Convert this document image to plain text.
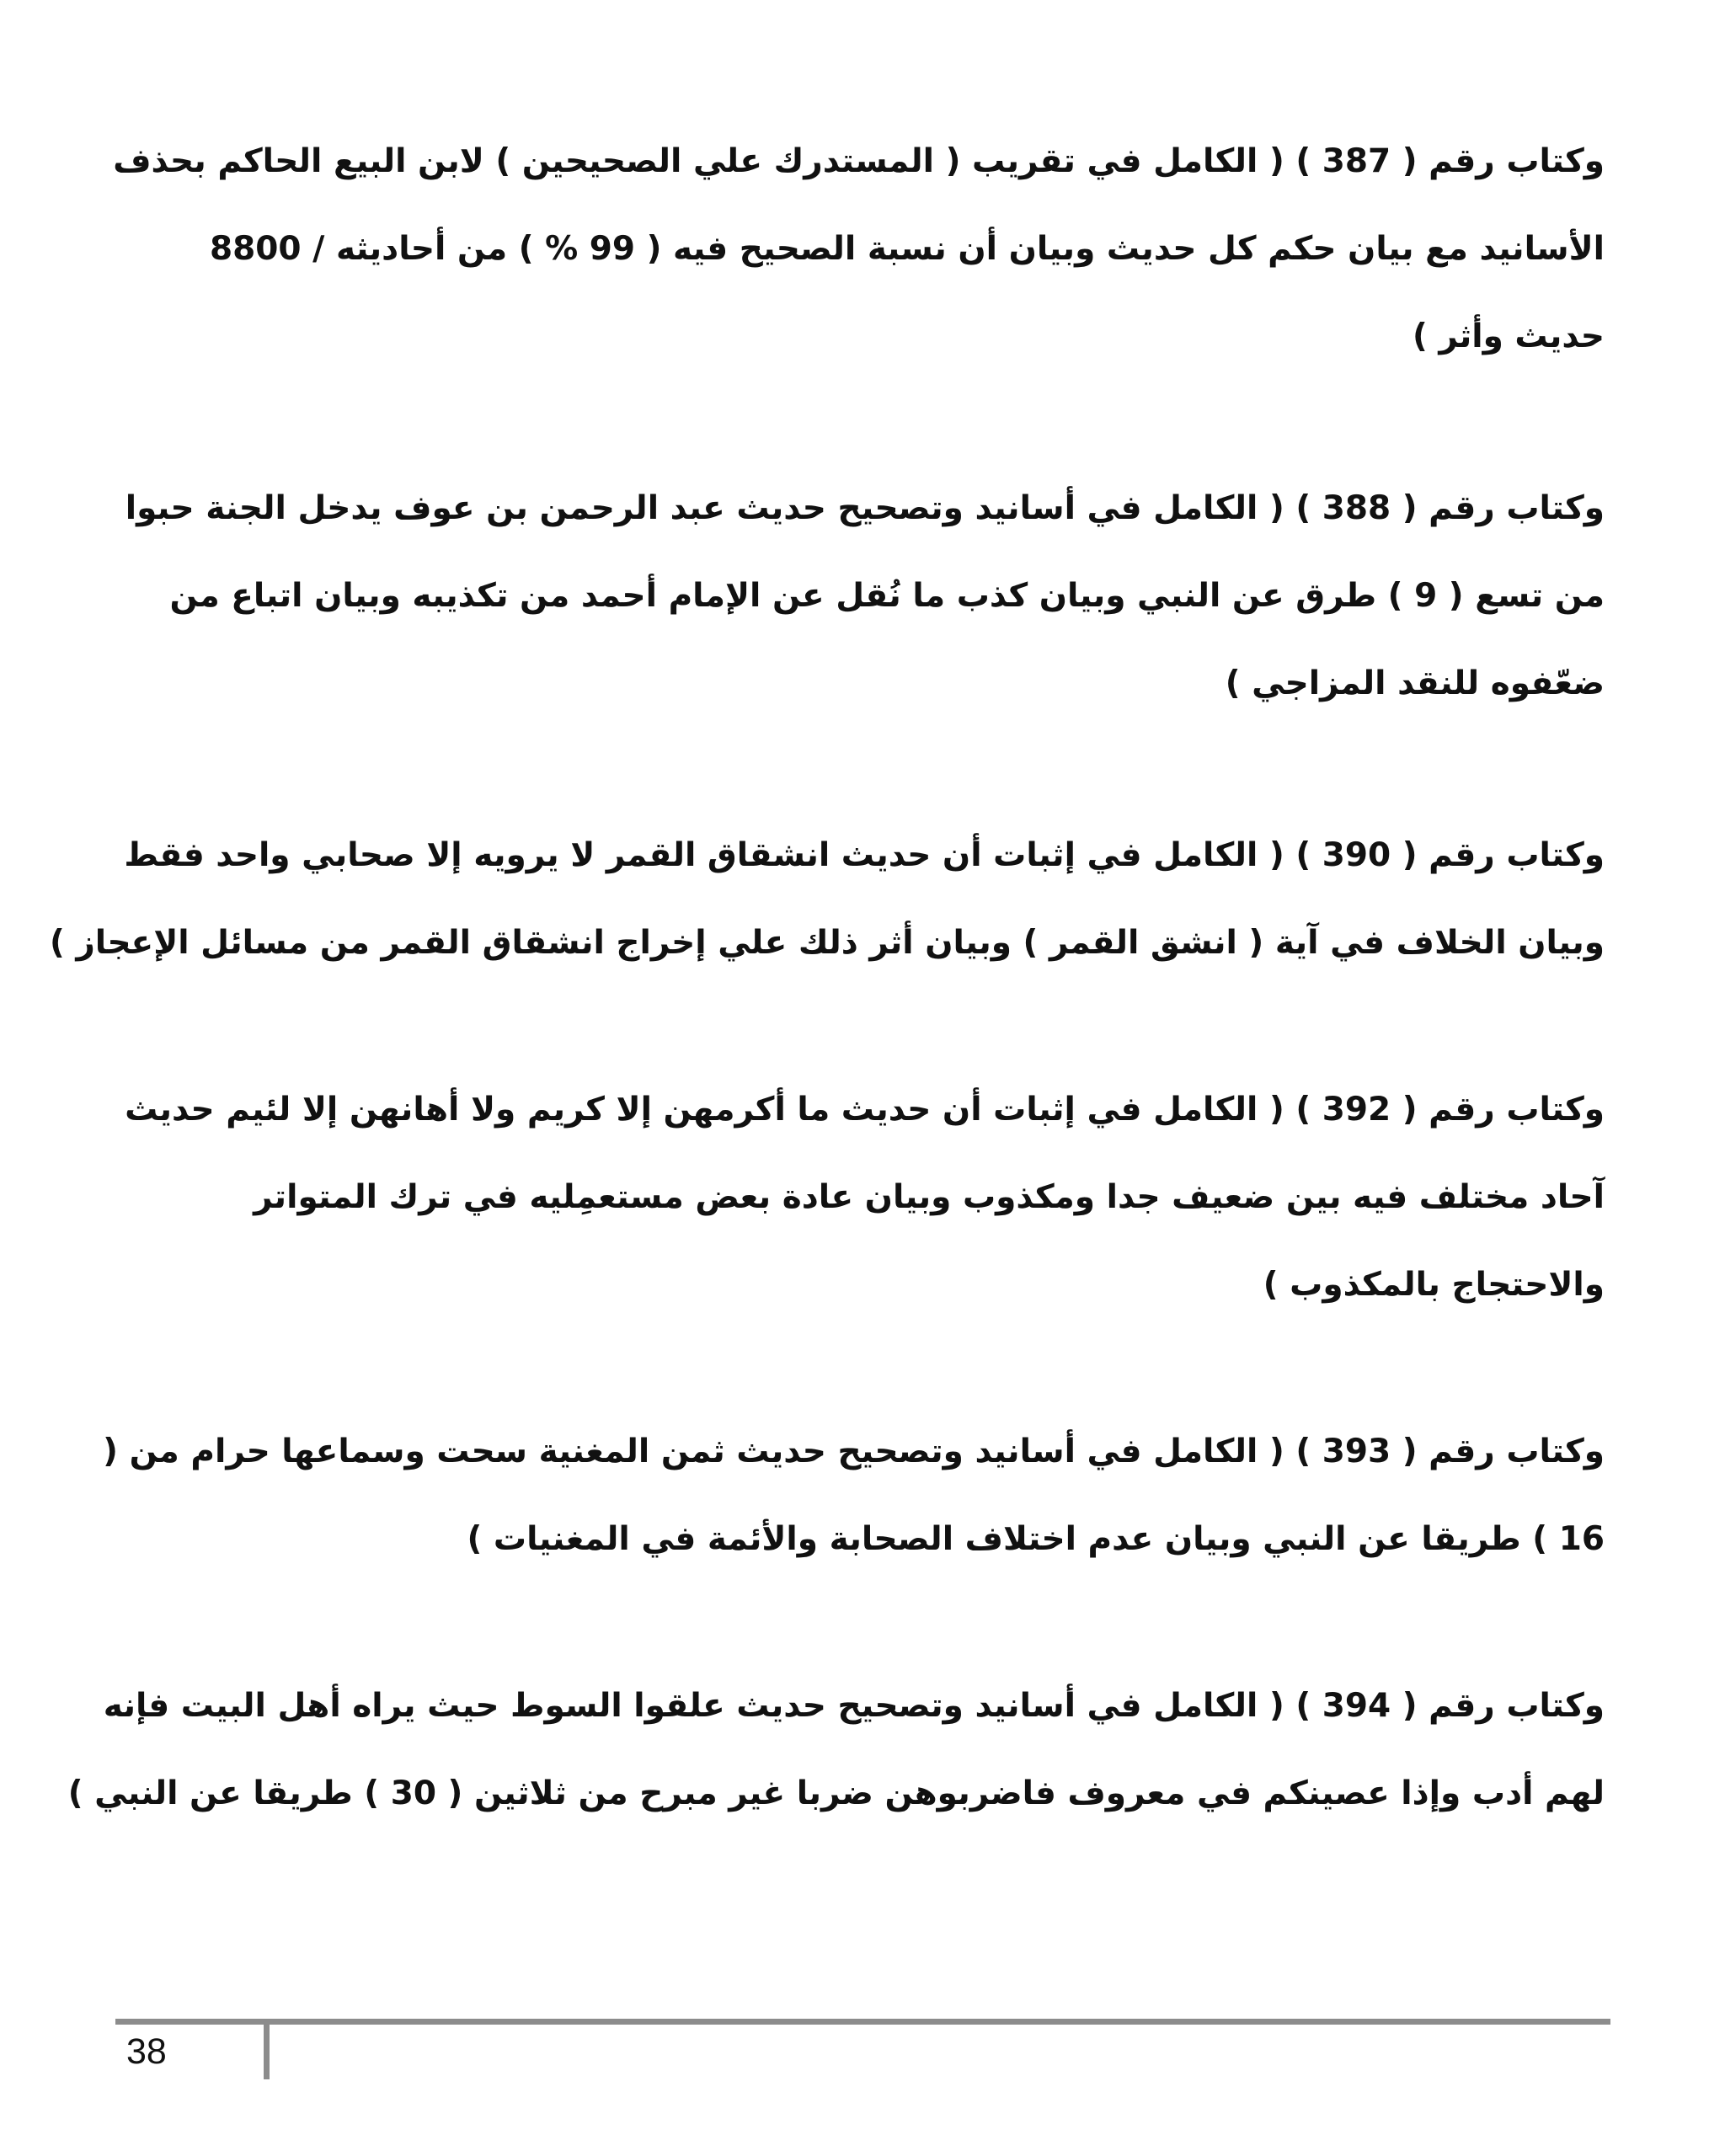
وكتاب رقم ( 387 ) ( الكامل في تقريب ( المستدرك علي الصحيحين ) لابن البيع الحاكم بحذف
الأسانيد مع بيان حكم كل حديث وبيان أن نسبة الصحيح فيه ( 99 % ) من أحاديثه / 8800
حديث وأثر )

وكتاب رقم ( 388 ) ( الكامل في أسانيد وتصحيح حديث عبد الرحمن بن عوف يدخل الجنة حبوا
من تسع ( 9 ) طرق عن النبي وبيان كذب ما نُقل عن الإمام أحمد من تكذيبه وبيان اتباع من
ضعّفوه للنقد المزاجي )

وكتاب رقم ( 390 ) ( الكامل في إثبات أن حديث انشقاق القمر لا يرويه إلا صحابي واحد فقط
وبيان الخلاف في آية ( انشق القمر ) وبيان أثر ذلك علي إخراج انشقاق القمر من مسائل الإعجاز )

وكتاب رقم ( 392 ) ( الكامل في إثبات أن حديث ما أكرمهن إلا كريم ولا أهانهن إلا لئيم حديث
آحاد مختلف فيه بين ضعيف جدا ومكذوب وبيان عادة بعض مستعمِليه في ترك المتواتر
والاحتجاج بالمكذوب )

وكتاب رقم ( 393 ) ( الكامل في أسانيد وتصحيح حديث ثمن المغنية سحت وسماعها حرام من (
16 ) طريقا عن النبي وبيان عدم اختلاف الصحابة والأئمة في المغنيات )

وكتاب رقم ( 394 ) ( الكامل في أسانيد وتصحيح حديث علقوا السوط حيث يراه أهل البيت فإنه
لهم أدب وإذا عصينكم في معروف فاضربوهن ضربا غير مبرح من ثلاثين ( 30 ) طريقا عن النبي )

38
